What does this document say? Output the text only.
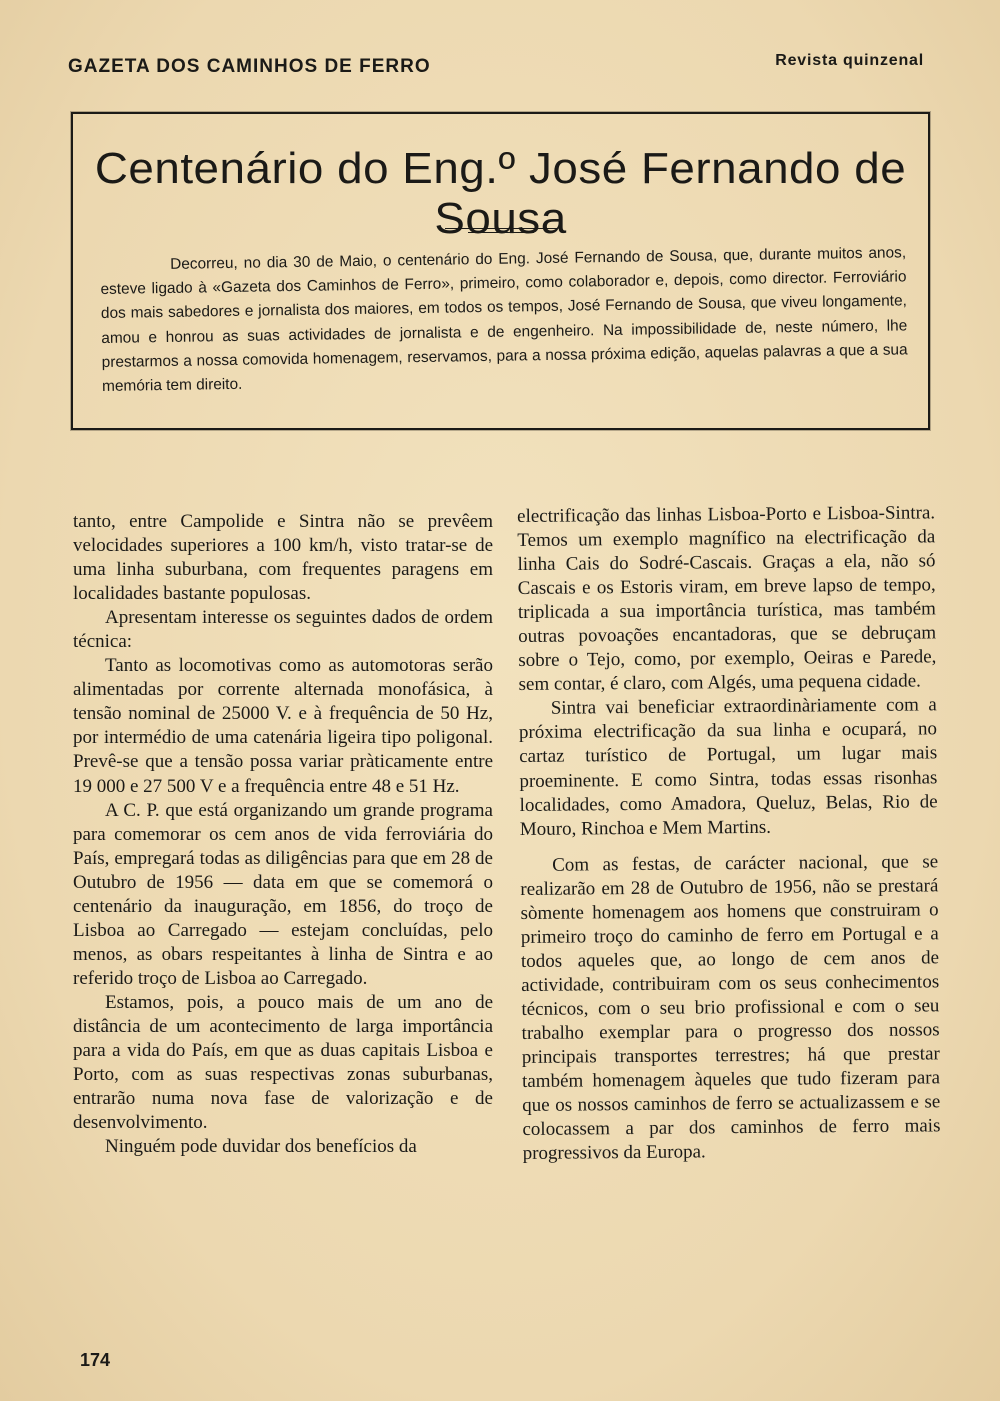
GAZETA DOS CAMINHOS DE FERRO	Revista quinzenal
Centenário do Eng.º José Fernando de Sousa

Decorreu, no dia 30 de Maio, o centenário do Eng. José Fernando de Sousa, que, durante muitos anos, esteve ligado à «Gazeta dos Caminhos de Ferro», primeiro, como colaborador e, depois, como director. Ferroviário dos mais sabedores e jornalista dos maiores, em todos os tempos, José Fernando de Sousa, que viveu longamente, amou e honrou as suas actividades de jornalista e de engenheiro. Na impossibilidade de, neste número, lhe prestarmos a nossa comovida homenagem, reservamos, para a nossa próxima edição, aquelas palavras a que a sua memória tem direito.

tanto, entre Campolide e Sintra não se prevêem velocidades superiores a 100 km/h, visto tratar-se de uma linha suburbana, com frequentes paragens em localidades bastante populosas.

Apresentam interesse os seguintes dados de ordem técnica:

Tanto as locomotivas como as automotoras serão alimentadas por corrente alternada monofásica, à tensão nominal de 25000 V. e à frequência de 50 Hz, por intermédio de uma catenária ligeira tipo poligonal. Prevê-se que a tensão possa variar pràticamente entre 19 000 e 27 500 V e a frequência entre 48 e 51 Hz.

A C. P. que está organizando um grande programa para comemorar os cem anos de vida ferroviária do País, empregará todas as diligências para que em 28 de Outubro de 1956 — data em que se comemorá o centenário da inauguração, em 1856, do troço de Lisboa ao Carregado — estejam concluídas, pelo menos, as obars respeitantes à linha de Sintra e ao referido troço de Lisboa ao Carregado.

Estamos, pois, a pouco mais de um ano de distância de um acontecimento de larga importância para a vida do País, em que as duas capitais Lisboa e Porto, com as suas respectivas zonas suburbanas, entrarão numa nova fase de valorização e de desenvolvimento.

Ninguém pode duvidar dos benefícios da

electrificação das linhas Lisboa-Porto e Lisboa-Sintra. Temos um exemplo magnífico na electrificação da linha Cais do Sodré-Cascais. Graças a ela, não só Cascais e os Estoris viram, em breve lapso de tempo, triplicada a sua importância turística, mas também outras povoações encantadoras, que se debruçam sobre o Tejo, como, por exemplo, Oeiras e Parede, sem contar, é claro, com Algés, uma pequena cidade.

Sintra vai beneficiar extraordinàriamente com a próxima electrificação da sua linha e ocupará, no cartaz turístico de Portugal, um lugar mais proeminente. E como Sintra, todas essas risonhas localidades, como Amadora, Queluz, Belas, Rio de Mouro, Rinchoa e Mem Martins.

Com as festas, de carácter nacional, que se realizarão em 28 de Outubro de 1956, não se prestará sòmente homenagem aos homens que construiram o primeiro troço do caminho de ferro em Portugal e a todos aqueles que, ao longo de cem anos de actividade, contribuiram com os seus conhecimentos técnicos, com o seu brio profissional e com o seu trabalho exemplar para o progresso dos nossos principais transportes terrestres; há que prestar também homenagem àqueles que tudo fizeram para que os nossos caminhos de ferro se actualizassem e se colocassem a par dos caminhos de ferro mais progressivos da Europa.

174
